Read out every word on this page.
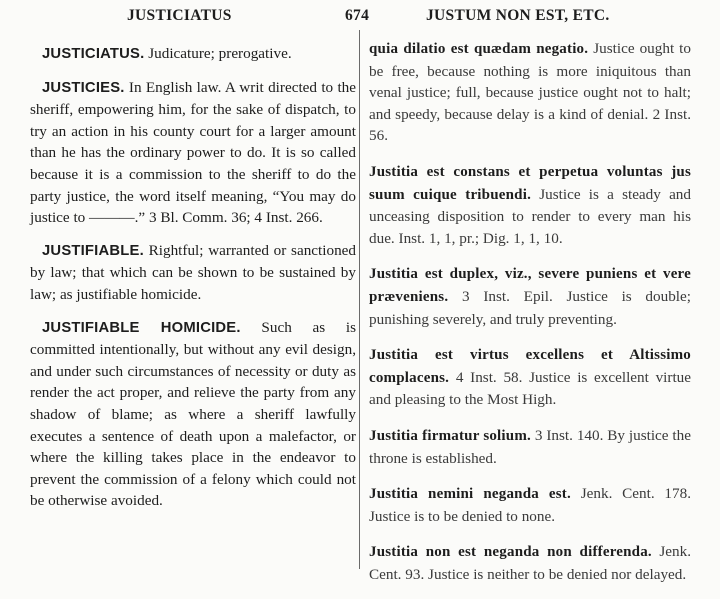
JUSTICIATUS	674	JUSTUM NON EST, ETC.

JUSTICIATUS. Judicature; prerogative.

JUSTICIES. In English law. A writ directed to the sheriff, empowering him, for the sake of dispatch, to try an action in his county court for a larger amount than he has the ordinary power to do. It is so called because it is a commission to the sheriff to do the party justice, the word itself meaning, “You may do justice to ———.” 3 Bl. Comm. 36; 4 Inst. 266.

JUSTIFIABLE. Rightful; warranted or sanctioned by law; that which can be shown to be sustained by law; as justifiable homicide.

JUSTIFIABLE HOMICIDE. Such as is committed intentionally, but without any evil design, and under such circumstances of necessity or duty as render the act proper, and relieve the party from any shadow of blame; as where a sheriff lawfully executes a sentence of death upon a malefactor, or where the killing takes place in the endeavor to prevent the commission of a felony which could not be otherwise avoided.

quia dilatio est quædam negatio. Justice ought to be free, because nothing is more iniquitous than venal justice; full, because justice ought not to halt; and speedy, because delay is a kind of denial. 2 Inst. 56.

Justitia est constans et perpetua voluntas jus suum cuique tribuendi. Justice is a steady and unceasing disposition to render to every man his due. Inst. 1, 1, pr.; Dig. 1, 1, 10.

Justitia est duplex, viz., severe puniens et vere præveniens. 3 Inst. Epil. Justice is double; punishing severely, and truly preventing.

Justitia est virtus excellens et Altissimo complacens. 4 Inst. 58. Justice is excellent virtue and pleasing to the Most High.

Justitia firmatur solium. 3 Inst. 140. By justice the throne is established.

Justitia nemini neganda est. Jenk. Cent. 178. Justice is to be denied to none.

Justitia non est neganda non differenda. Jenk. Cent. 93. Justice is neither to be denied nor delayed.
